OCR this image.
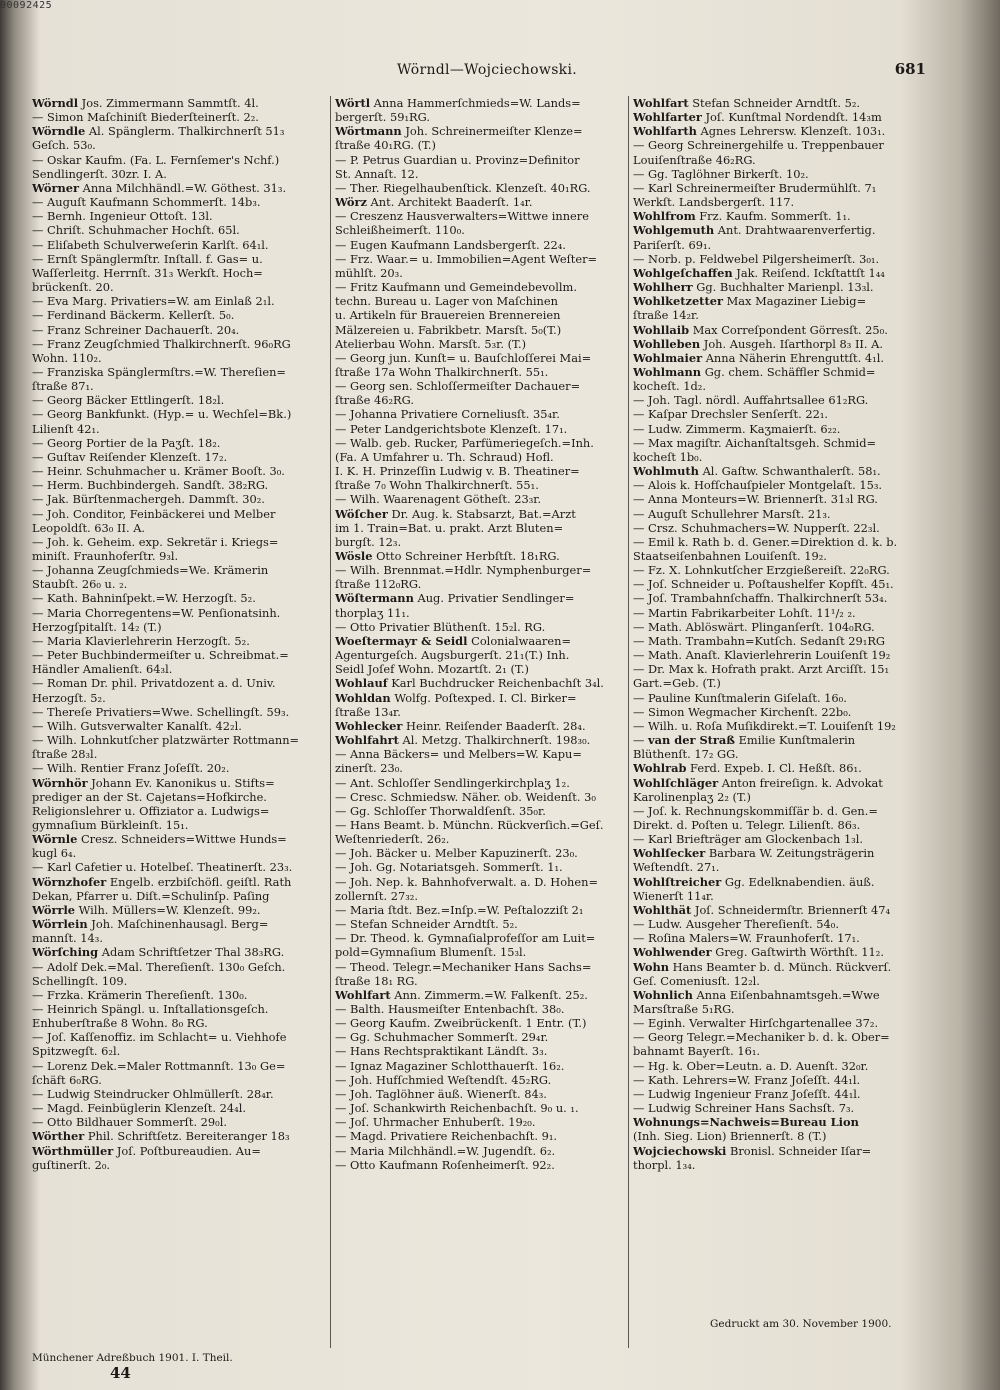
00092425
Wörndl—Wojciechowski.	681
Wörndl Jos. Zimmermann Sammtſt. 4l.
— Simon Maſchiniſt Biederſteinerſt. 2₂.
Wörndle Al. Spänglerm. Thalkirchnerſt 51₃
Geſch. 53₀.
— Oskar Kaufm. (Fa. L. Fernſemer's Nchf.)
Sendlingerſt. 30zr. I. A.
Wörner Anna Milchhändl.=W. Göthest. 31₃.
— Auguſt Kaufmann Schommerſt. 14b₃.
— Bernh. Ingenieur Ottoſt. 13l.
— Chriſt. Schuhmacher Hochſt. 65l.
— Eliſabeth Schulverweſerin Karlſt. 64₁l.
— Ernſt Spänglermſtr. Inſtall. f. Gas= u.
Waſſerleitg. Herrnſt. 31₃ Werkſt. Hoch=
brückenſt. 20.
— Eva Marg. Privatiers=W. am Einlaß 2₁l.
— Ferdinand Bäckerm. Kellerſt. 5₀.
— Franz Schreiner Dachauerſt. 20₄.
— Franz Zeugſchmied Thalkirchnerſt. 96₀RG
Wohn. 110₂.
— Franziska Spänglermſtrs.=W. Thereſien=
ſtraße 87₁.
— Georg Bäcker Ettlingerſt. 18₂l.
— Georg Bankfunkt. (Hyp.= u. Wechſel=Bk.)
Lilienſt 42₁.
— Georg Portier de la Paʒſt. 18₂.
— Guſtav Reiſender Klenzeſt. 17₂.
— Heinr. Schuhmacher u. Krämer Booſt. 3₀.
— Herm. Buchbindergeh. Sandſt. 38₂RG.
— Jak. Bürſtenmachergeh. Dammſt. 30₂.
— Joh. Conditor, Feinbäckerei und Melber
Leopoldſt. 63₀ II. A.
— Joh. k. Geheim. exp. Sekretär i. Kriegs=
miniſt. Fraunhoferſtr. 9₃l.
— Johanna Zeugſchmieds=We. Krämerin
Staubſt. 26₀ u. ₂.
— Kath. Bahninſpekt.=W. Herzogſt. 5₂.
— Maria Chorregentens=W. Penſionatsinh.
Herzogſpitalſt. 14₂ (T.)
— Maria Klavierlehrerin Herzogſt. 5₂.
— Peter Buchbindermeiſter u. Schreibmat.=
Händler Amalienſt. 64₃l.
— Roman Dr. phil. Privatdozent a. d. Univ.
Herzogſt. 5₂.
— Thereſe Privatiers=Wwe. Schellingſt. 59₃.
— Wilh. Gutsverwalter Kanalſt. 42₂l.
— Wilh. Lohnkutſcher platzwärter Rottmann=
ſtraße 28₃l.
— Wilh. Rentier Franz Joſeſſt. 20₂.
Wörnhör Johann Ev. Kanonikus u. Stifts=
prediger an der St. Cajetans=Hofkirche.
Religionslehrer u. Offiziator a. Ludwigs=
gymnaſium Bürkleinſt. 15₁.
Wörnle Cresz. Schneiders=Wittwe Hunds=
kugl 6₄.
— Karl Cafetier u. Hotelbeſ. Theatinerſt. 23₃.
Wörnzhofer Engelb. erzbiſchöfl. geiſtl. Rath
Dekan, Pfarrer u. Diſt.=Schulinſp. Paſing
Wörrle Wilh. Müllers=W. Klenzeſt. 99₂.
Wörrlein Joh. Maſchinenhausagl. Berg=
mannſt. 14₃.
Wörſching Adam Schriftſetzer Thal 38₃RG.
— Adolf Dek.=Mal. Thereſienſt. 130₀ Geſch.
Schellingſt. 109.
— Frzka. Krämerin Thereſienſt. 130₀.
— Heinrich Spängl. u. Inſtallationsgeſch.
Enhuberſtraße 8 Wohn. 8₀ RG.
— Joſ. Kaſſenoffiz. im Schlacht= u. Viehhofe
Spitzwegſt. 6₂l.
— Lorenz Dek.=Maler Rottmannſt. 13₀ Ge=
ſchäft 6₀RG.
— Ludwig Steindrucker Ohlmüllerſt. 28₄r.
— Magd. Feinbüglerin Klenzeſt. 24₄l.
— Otto Bildhauer Sommerſt. 29₀l.
Wörther Phil. Schriftſetz. Bereiteranger 18₃
Wörthmüller Joſ. Poſtbureaudien. Au=
guſtinerſt. 2₀.
Wörtl Anna Hammerſchmieds=W. Lands=
bergerſt. 59₁RG.
Wörtmann Joh. Schreinermeiſter Klenze=
ſtraße 40₁RG. (T.)
— P. Petrus Guardian u. Provinz=Definitor
St. Annaſt. 12.
— Ther. Riegelhaubenſtick. Klenzeſt. 40₁RG.
Wörz Ant. Architekt Baaderſt. 1₄r.
— Creszenz Hausverwalters=Wittwe innere
Schleißheimerſt. 110₀.
— Eugen Kaufmann Landsbergerſt. 22₄.
— Frz. Waar.= u. Immobilien=Agent Weſter=
mühlſt. 20₃.
— Fritz Kaufmann und Gemeindebevollm.
techn. Bureau u. Lager von Maſchinen
u. Artikeln für Brauereien Brennereien
Mälzereien u. Fabrikbetr. Marsſt. 5₀(T.)
Atelierbau Wohn. Marsſt. 5₃r. (T.)
— Georg jun. Kunſt= u. Bauſchloſſerei Mai=
ſtraße 17a Wohn Thalkirchnerſt. 55₁.
— Georg sen. Schloſſermeiſter Dachauer=
ſtraße 46₂RG.
— Johanna Privatiere Corneliusſt. 35₄r.
— Peter Landgerichtsbote Klenzeſt. 17₁.
— Walb. geb. Rucker, Parfümeriegeſch.=Inh.
(Fa. A Umfahrer u. Th. Schraud) Hofl.
I. K. H. Prinzeſſin Ludwig v. B. Theatiner=
ſtraße 7₀ Wohn Thalkirchnerſt. 55₁.
— Wilh. Waarenagent Götheſt. 23₃r.
Wöſcher Dr. Aug. k. Stabsarzt, Bat.=Arzt
im 1. Train=Bat. u. prakt. Arzt Bluten=
burgſt. 12₃.
Wösle Otto Schreiner Herbſtſt. 18₁RG.
— Wilh. Brennmat.=Hdlr. Nymphenburger=
ſtraße 112₀RG.
Wöſtermann Aug. Privatier Sendlinger=
thorplaʒ 11₁.
— Otto Privatier Blüthenſt. 15₂l. RG.
Woeſtermayr & Seidl Colonialwaaren=
Agenturgeſch. Augsburgerſt. 21₁(T.) Inh.
Seidl Joſef Wohn. Mozartſt. 2₁ (T.)
Wohlauf Karl Buchdrucker Reichenbachſt 3₄l.
Wohldan Wolfg. Poſtexped. I. Cl. Birker=
ſtraße 13₄r.
Wohlecker Heinr. Reiſender Baaderſt. 28₄.
Wohlfahrt Al. Metzg. Thalkirchnerſt. 198₃₀.
— Anna Bäckers= und Melbers=W. Kapu=
zinerſt. 23₀.
— Ant. Schloſſer Sendlingerkirchplaʒ 1₂.
— Cresc. Schmiedsw. Näher. ob. Weidenſt. 3₀
— Gg. Schloſſer Thorwaldſenſt. 35₀r.
— Hans Beamt. b. Münchn. Rückverſich.=Geſ.
Weſtenriederſt. 26₂.
— Joh. Bäcker u. Melber Kapuzinerſt. 23₀.
— Joh. Gg. Notariatsgeh. Sommerſt. 1₁.
— Joh. Nep. k. Bahnhofverwalt. a. D. Hohen=
zollernſt. 27₃₂.
— Maria ſtdt. Bez.=Inſp.=W. Peſtalozziſt 2₁
— Stefan Schneider Arndtſt. 5₂.
— Dr. Theod. k. Gymnaſialprofeſſor am Luit=
pold=Gymnaſium Blumenſt. 15₃l.
— Theod. Telegr.=Mechaniker Hans Sachs=
ſtraße 18₁ RG.
Wohlfart Ann. Zimmerm.=W. Falkenſt. 25₂.
— Balth. Hausmeiſter Entenbachſt. 38₀.
— Georg Kaufm. Zweibrückenſt. 1 Entr. (T.)
— Gg. Schuhmacher Sommerſt. 29₄r.
— Hans Rechtspraktikant Ländſt. 3₃.
— Ignaz Magaziner Schlotthauerſt. 16₂.
— Joh. Hufſchmied Weſtendſt. 45₂RG.
— Joh. Taglöhner äuß. Wienerſt. 84₃.
— Joſ. Schankwirth Reichenbachſt. 9₀ u. ₁.
— Joſ. Uhrmacher Enhuberſt. 19₂₀.
— Magd. Privatiere Reichenbachſt. 9₁.
— Maria Milchhändl.=W. Jugendſt. 6₂.
— Otto Kaufmann Roſenheimerſt. 92₂.
Wohlfart Stefan Schneider Arndtſt. 5₂.
Wohlfarter Joſ. Kunſtmal Nordendſt. 14₃m
Wohlfarth Agnes Lehrersw. Klenzeſt. 103₁.
— Georg Schreinergehilfe u. Treppenbauer
Louiſenſtraße 46₂RG.
— Gg. Taglöhner Birkerſt. 10₂.
— Karl Schreinermeiſter Brudermühlſt. 7₁
Werkſt. Landsbergerſt. 117.
Wohlfrom Frz. Kaufm. Sommerſt. 1₁.
Wohlgemuth Ant. Drahtwaarenverfertig.
Pariſerſt. 69₁.
— Norb. p. Feldwebel Pilgersheimerſt. 3₀₁.
Wohlgeſchaffen Jak. Reiſend. Ickſtattſt 1₄₄
Wohlherr Gg. Buchhalter Marienpl. 13₃l.
Wohlketzetter Max Magaziner Liebig=
ſtraße 14₂r.
Wohllaib Max Correſpondent Görresſt. 25₀.
Wohlleben Joh. Ausgeh. Iſarthorpl 8₃ II. A.
Wohlmaier Anna Näherin Ehrenguttſt. 4₁l.
Wohlmann Gg. chem. Schäffler Schmid=
kocheſt. 1d₂.
— Joh. Tagl. nördl. Auffahrtsallee 61₂RG.
— Kaſpar Drechsler Senſerſt. 22₁.
— Ludw. Zimmerm. Kaʒmaierſt. 6₂₂.
— Max magiſtr. Aichanſtaltsgeh. Schmid=
kocheſt 1b₀.
Wohlmuth Al. Gaſtw. Schwanthalerſt. 58₁.
— Alois k. Hofſchauſpieler Montgelaſt. 15₃.
— Anna Monteurs=W. Briennerſt. 31₃l RG.
— Auguſt Schullehrer Marsſt. 21₃.
— Crsz. Schuhmachers=W. Nupperſt. 22₃l.
— Emil k. Rath b. d. Gener.=Direktion d. k. b.
Staatseiſenbahnen Louiſenſt. 19₂.
— Fz. X. Lohnkutſcher Erzgießereiſt. 22₀RG.
— Joſ. Schneider u. Poſtaushelfer Kopfſt. 45₁.
— Joſ. Trambahnſchaffn. Thalkirchnerſt 53₄.
— Martin Fabrikarbeiter Lohſt. 11¹/₂ ₂.
— Math. Ablöswärt. Plinganſerſt. 104₀RG.
— Math. Trambahn=Kutſch. Sedanſt 29₁RG
— Math. Anaſt. Klavierlehrerin Louiſenſt 19₂
— Dr. Max k. Hofrath prakt. Arzt Arciſſt. 15₁
Gart.=Geb. (T.)
— Pauline Kunſtmalerin Giſelaſt. 16₀.
— Simon Wegmacher Kirchenſt. 22b₀.
— Wilh. u. Roſa Muſikdirekt.=T. Louiſenſt 19₂
— van der Straß Emilie Kunſtmalerin
Blüthenſt. 17₂ GG.
Wohlrab Ferd. Expeb. I. Cl. Heßſt. 86₁.
Wohlſchläger Anton freireſign. k. Advokat
Karolinenplaʒ 2₂ (T.)
— Joſ. k. Rechnungskommiſſär b. d. Gen.=
Direkt. d. Poſten u. Telegr. Lilienſt. 86₃.
— Karl Briefträger am Glockenbach 1₃l.
Wohlſecker Barbara W. Zeitungsträgerin
Weſtendſt. 27₁.
Wohlſtreicher Gg. Edelknabendien. äuß.
Wienerſt 11₄r.
Wohlthät Joſ. Schneidermſtr. Briennerſt 47₄
— Ludw. Ausgeher Thereſienſt. 54₀.
— Roſina Malers=W. Fraunhoferſt. 17₁.
Wohlwender Greg. Gaſtwirth Wörthſt. 11₂.
Wohn Hans Beamter b. d. Münch. Rückverſ.
Geſ. Comeniusſt. 12₂l.
Wohnlich Anna Eiſenbahnamtsgeh.=Wwe
Marsſtraße 5₁RG.
— Eginh. Verwalter Hirſchgartenallee 37₂.
— Georg Telegr.=Mechaniker b. d. k. Ober=
bahnamt Bayerſt. 16₁.
— Hg. k. Ober=Leutn. a. D. Auenſt. 32₀r.
— Kath. Lehrers=W. Franz Joſeſſt. 44₁l.
— Ludwig Ingenieur Franz Joſeſſt. 44₁l.
— Ludwig Schreiner Hans Sachsſt. 7₃.
Wohnungs=Nachweis=Bureau Lion
(Inh. Sieg. Lion) Briennerſt. 8 (T.)
Wojciechowski Bronisl. Schneider Iſar=
thorpl. 1₃₄.
Gedruckt am 30. November 1900.
Münchener Adreßbuch 1901. I. Theil.
44
